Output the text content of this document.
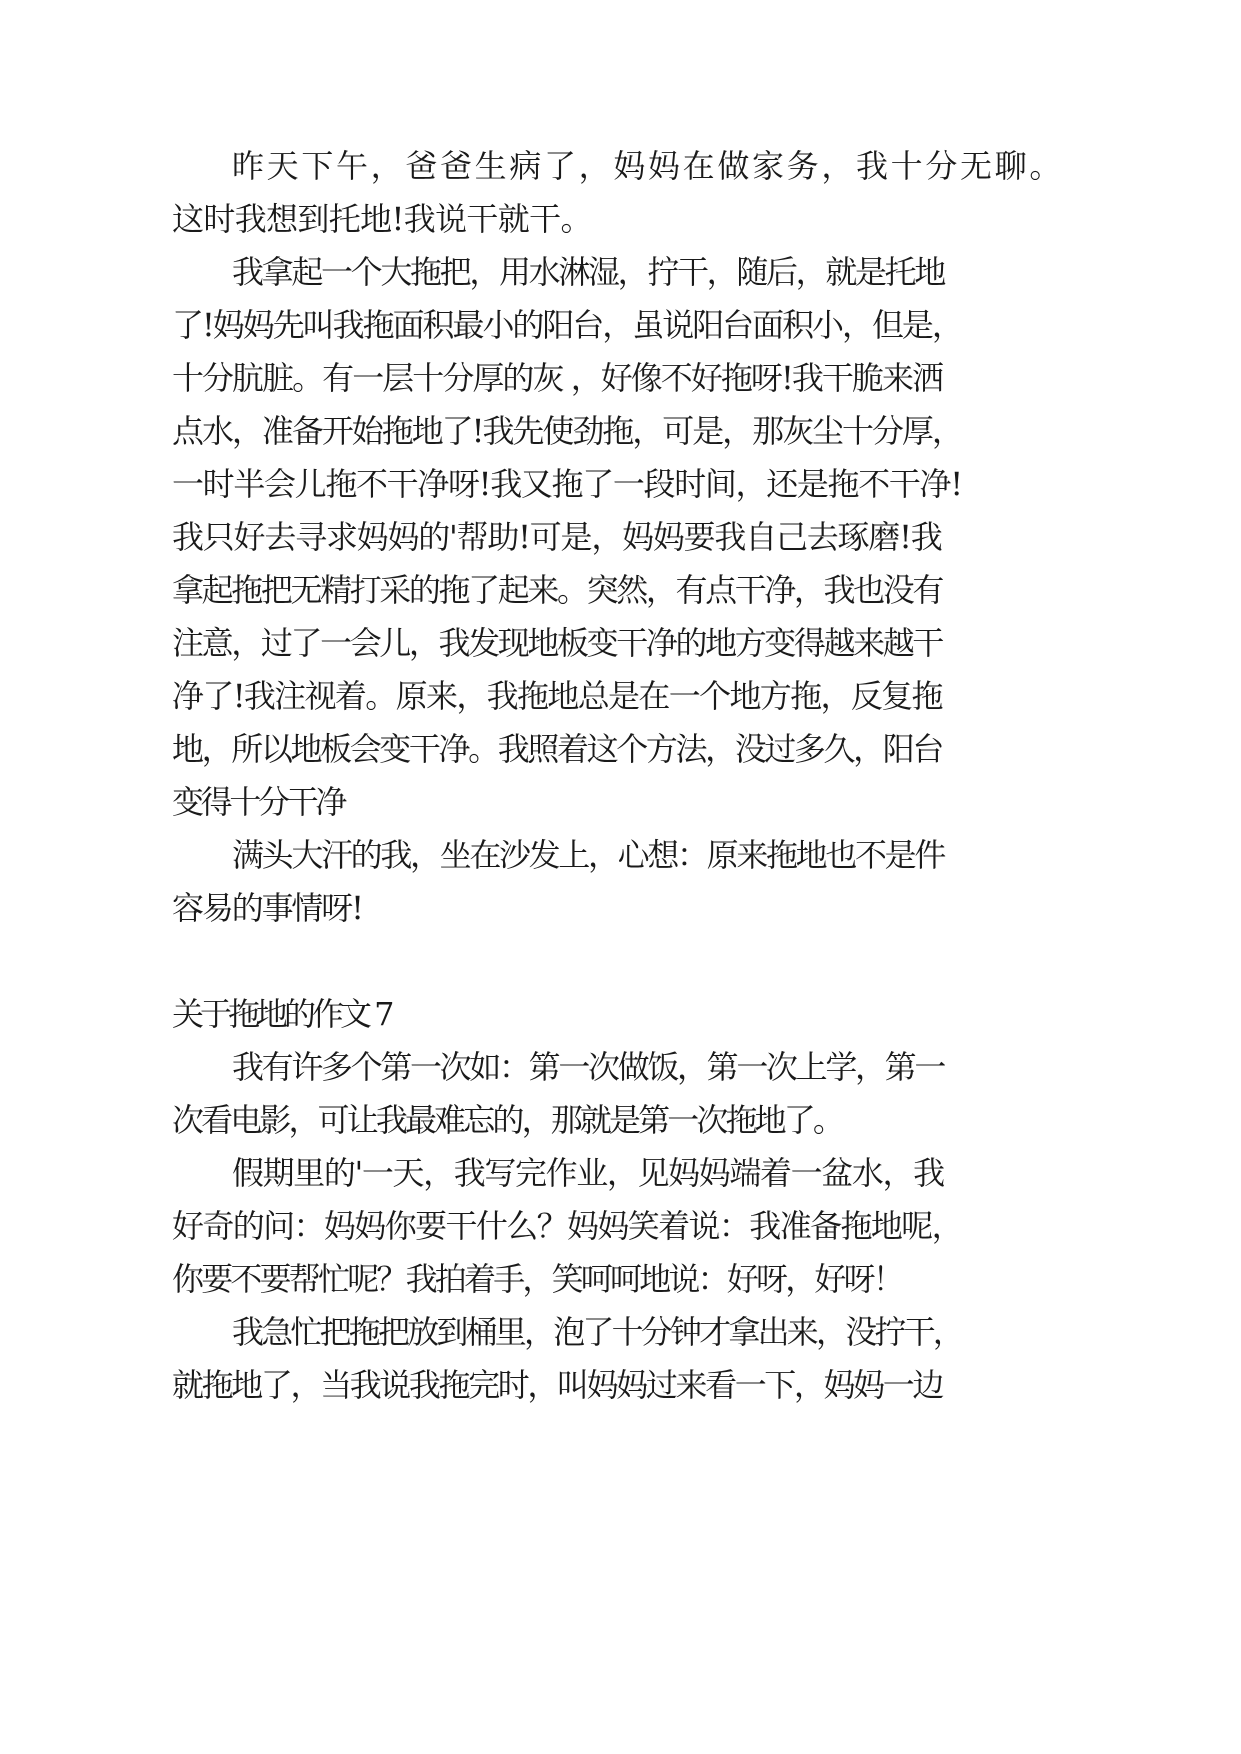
昨天下午，爸爸生病了，妈妈在做家务，我十分无聊。
这时我想到托地!我说干就干。
我拿起一个大拖把，用水淋湿，拧干，随后，就是托地
了!妈妈先叫我拖面积最小的阳台，虽说阳台面积小，但是，
十分肮脏。有一层十分厚的灰 ，好像不好拖呀!我干脆来洒
点水，准备开始拖地了!我先使劲拖，可是，那灰尘十分厚，
一时半会儿拖不干净呀!我又拖了一段时间，还是拖不干净!
我只好去寻求妈妈的'帮助!可是，妈妈要我自己去琢磨!我
拿起拖把无精打采的拖了起来。突然，有点干净，我也没有
注意，过了一会儿，我发现地板变干净的地方变得越来越干
净了!我注视着。原来，我拖地总是在一个地方拖，反复拖
地，所以地板会变干净。我照着这个方法，没过多久，阳台
变得十分干净
满头大汗的我，坐在沙发上，心想：原来拖地也不是件
容易的事情呀!
关于拖地的作文 7
我有许多个第一次如：第一次做饭，第一次上学，第一
次看电影，可让我最难忘的，那就是第一次拖地了。
假期里的'一天，我写完作业，见妈妈端着一盆水，我
好奇的问：妈妈你要干什么？妈妈笑着说：我准备拖地呢，
你要不要帮忙呢？我拍着手，笑呵呵地说：好呀，好呀！
我急忙把拖把放到桶里，泡了十分钟才拿出来，没拧干，
就拖地了，当我说我拖完时，叫妈妈过来看一下，妈妈一边
